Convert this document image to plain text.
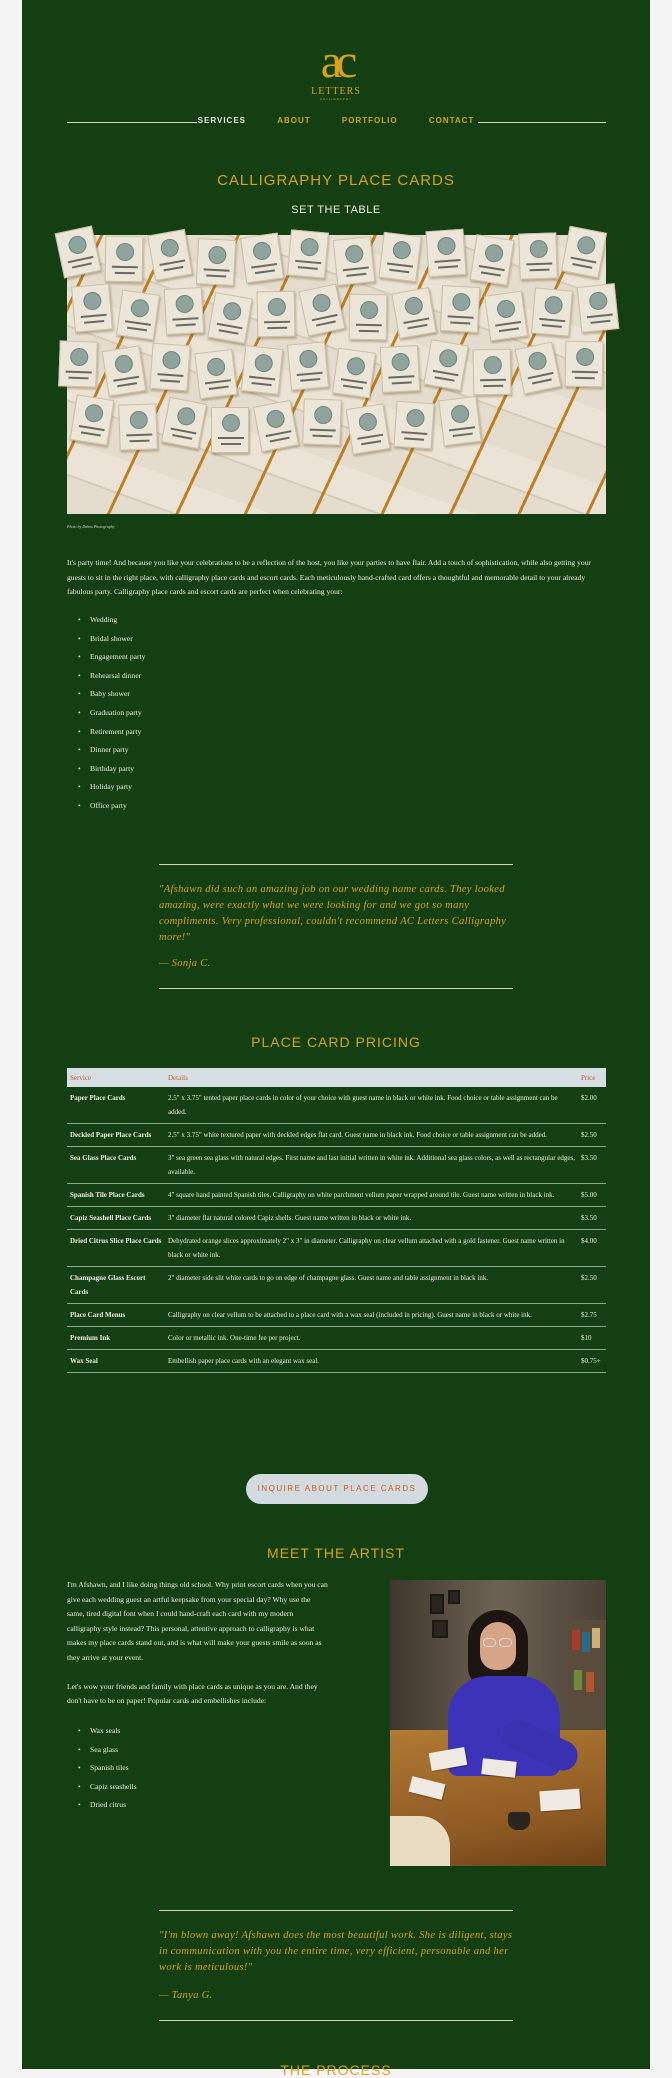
ac
LETTERS
CALLIGRAPHY
SERVICES	ABOUT	PORTFOLIO	CONTACT
CALLIGRAPHY PLACE CARDS
SET THE TABLE
Photo by Dabos Photography

It's party time! And because you like your celebrations to be a reflection of the host, you like your parties to have flair. Add a touch of sophistication, while also getting your guests to sit in the right place, with calligraphy place cards and escort cards. Each meticulously hand-crafted card offers a thoughtful and memorable detail to your already fabulous party. Calligraphy place cards and escort cards are perfect when celebrating your:

• Wedding
• Bridal shower
• Engagement party
• Rehearsal dinner
• Baby shower
• Graduation party
• Retirement party
• Dinner party
• Birthday party
• Holiday party
• Office party

"Afshawn did such an amazing job on our wedding name cards. They looked amazing, were exactly what we were looking for and we got so many compliments. Very professional, couldn't recommend AC Letters Calligraphy more!"

— Sonja C.
PLACE CARD PRICING
Service	Details	Price
Paper Place Cards	2.5" x 3.75" tented paper place cards in color of your choice with guest name in black or white ink. Food choice or table assignment can be added.	$2.00
Deckled Paper Place Cards	2.5" x 3.75" white textured paper with deckled edges flat card. Guest name in black ink. Food choice or table assignment can be added.	$2.50
Sea Glass Place Cards	3" sea green sea glass with natural edges. First name and last initial written in white ink. Additional sea glass colors, as well as rectangular edges, available.	$3.50
Spanish Tile Place Cards	4" square hand painted Spanish tiles. Calligraphy on white parchment vellum paper wrapped around tile. Guest name written in black ink.	$5.00
Capiz Seashell Place Cards	3" diameter flat natural colored Capiz shells. Guest name written in black or white ink.	$3.50
Dried Citrus Slice Place Cards	Dehydrated orange slices approximately 2" x 3" in diameter. Calligraphy on clear vellum attached with a gold fastener. Guest name written in black or white ink.	$4.00
Champagne Glass Escort Cards	2" diameter side slit white cards to go on edge of champagne glass. Guest name and table assignment in black ink.	$2.50
Place Card Menus	Calligraphy on clear vellum to be attached to a place card with a wax seal (included in pricing). Guest name in black or white ink.	$2.75
Premium Ink	Color or metallic ink. One-time fee per project.	$10
Wax Seal	Embellish paper place cards with an elegant wax seal.	$0.75+
INQUIRE ABOUT PLACE CARDS
MEET THE ARTIST

I'm Afshawn, and I like doing things old school. Why print escort cards when you can give each wedding guest an artful keepsake from your special day? Why use the same, tired digital font when I could hand-craft each card with my modern calligraphy style instead? This personal, attentive approach to calligraphy is what makes my place cards stand out, and is what will make your guests smile as soon as they arrive at your event.

Let's wow your friends and family with place cards as unique as you are. And they don't have to be on paper! Popular cards and embellishes include:

• Wax seals
• Sea glass
• Spanish tiles
• Capiz seashells
• Dried citrus

"I'm blown away! Afshawn does the most beautiful work. She is diligent, stays in communication with you the entire time, very efficient, personable and her work is meticulous!"

— Tanya G.
THE PROCESS
